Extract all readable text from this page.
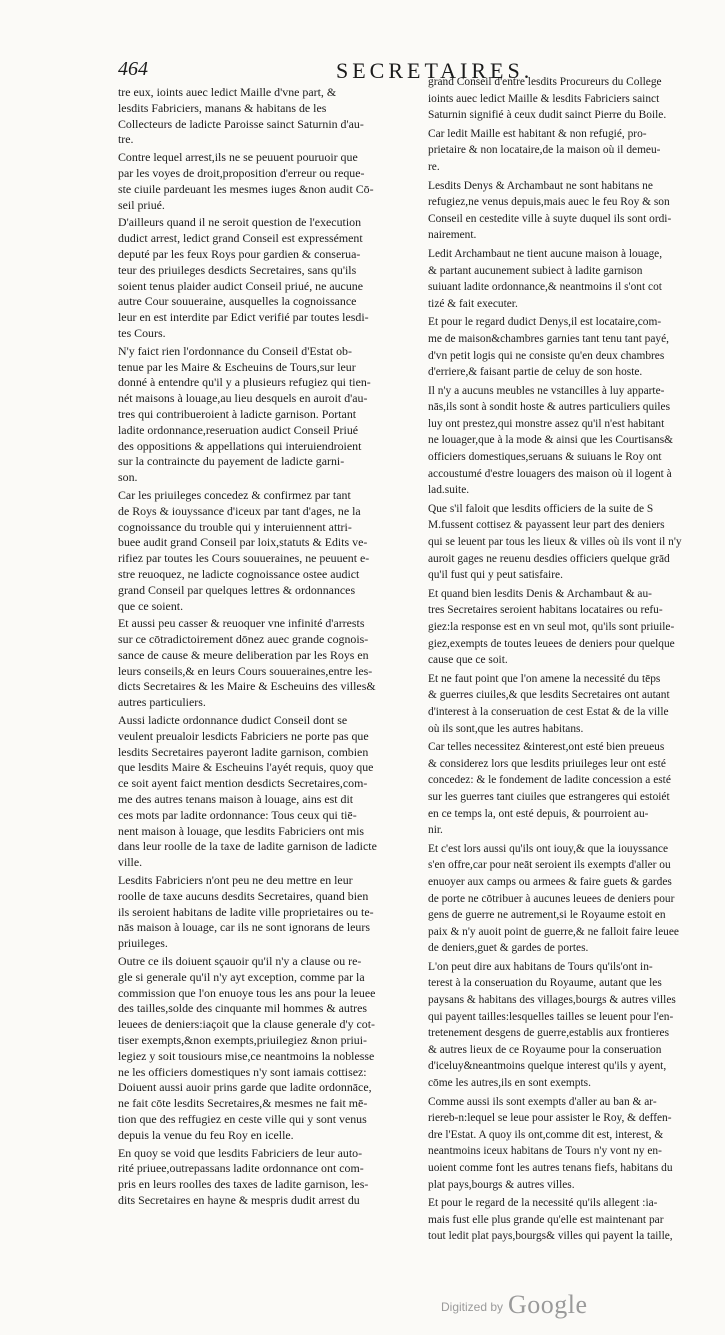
464	SECRETAIRES.
tre eux, ioints auec ledict Maille d'vne part, &
lesdits Fabriciers, manans & habitans de les
Collecteurs de ladicte Paroisse sainct Saturnin d'au-
tre.
Contre lequel arrest,ils ne se peuuent pouruoir que
par les voyes de droit,proposition d'erreur ou reque-
ste ciuile pardeuant les mesmes iuges &non audit Cō-
seil priué.
D'ailleurs quand il ne seroit question de l'execution
dudict arrest, ledict grand Conseil est expressément
deputé par les feux Roys pour gardien & conserua-
teur des priuileges desdicts Secretaires, sans qu'ils
soient tenus plaider audict Conseil priué, ne aucune
autre Cour souueraine, ausquelles la cognoissance
leur en est interdite par Edict verifié par toutes lesdi-
tes Cours.
N'y faict rien l'ordonnance du Conseil d'Estat ob-
tenue par les Maire & Escheuins de Tours,sur leur
donné à entendre qu'il y a plusieurs refugiez qui tien-
nét maisons à louage,au lieu desquels en auroit d'au-
tres qui contribueroient à ladicte garnison. Portant
ladite ordonnance,reseruation audict Conseil Priué
des oppositions & appellations qui interuiendroient
sur la contraincte du payement de ladicte garni-
son.
Car les priuileges concedez & confirmez par tant
de Roys & iouyssance d'iceux par tant d'ages, ne la
cognoissance du trouble qui y interuiennent attri-
buee audit grand Conseil par loix,statuts & Edits ve-
rifiez par toutes les Cours souueraines, ne peuuent e-
stre reuoquez, ne ladicte cognoissance ostee audict
grand Conseil par quelques lettres & ordonnances
que ce soient.
Et aussi peu casser & reuoquer vne infinité d'arrests
sur ce cōtradictoirement dōnez auec grande cognois-
sance de cause & meure deliberation par les Roys en
leurs conseils,& en leurs Cours souueraines,entre les-
dicts Secretaires & les Maire & Escheuins des villes&
autres particuliers.
Aussi ladicte ordonnance dudict Conseil dont se
veulent preualoir lesdicts Fabriciers ne porte pas que
lesdits Secretaires payeront ladite garnison, combien
que lesdits Maire & Escheuins l'ayét requis, quoy que
ce soit ayent faict mention desdicts Secretaires,com-
me des autres tenans maison à louage, ains est dit
ces mots par ladite ordonnance: Tous ceux qui tiē-
nent maison à louage, que lesdits Fabriciers ont mis
dans leur roolle de la taxe de ladite garnison de ladicte
ville.
Lesdits Fabriciers n'ont peu ne deu mettre en leur
roolle de taxe aucuns desdits Secretaires, quand bien
ils seroient habitans de ladite ville proprietaires ou te-
nās maison à louage, car ils ne sont ignorans de leurs
priuileges.
Outre ce ils doiuent sçauoir qu'il n'y a clause ou re-
gle si generale qu'il n'y ayt exception, comme par la
commission que l'on enuoye tous les ans pour la leuee
des tailles,solde des cinquante mil hommes & autres
leuees de deniers:iaçoit que la clause generale d'y cot-
tiser exempts,&non exempts,priuilegiez &non priui-
legiez y soit tousiours mise,ce neantmoins la noblesse
ne les officiers domestiques n'y sont iamais cottisez:
Doiuent aussi auoir prins garde que ladite ordonnāce,
ne fait cōte lesdits Secretaires,& mesmes ne fait mē-
tion que des reffugiez en ceste ville qui y sont venus
depuis la venue du feu Roy en icelle.
En quoy se void que lesdits Fabriciers de leur auto-
rité priuee,outrepassans ladite ordonnance ont com-
pris en leurs roolles des taxes de ladite garnison, les-
dits Secretaires en hayne & mespris dudit arrest du
grand Conseil d'entre lesdits Procureurs du College
ioints auec ledict Maille & lesdits Fabriciers sainct
Saturnin signifié à ceux dudit sainct Pierre du Boile.
Car ledit Maille est habitant & non refugié, pro-
prietaire & non locataire,de la maison où il demeu-
re.
Lesdits Denys & Archambaut ne sont habitans ne
refugiez,ne venus depuis,mais auec le feu Roy & son
Conseil en cestedite ville à suyte duquel ils sont ordi-
nairement.
Ledit Archambaut ne tient aucune maison à louage,
& partant aucunement subiect à ladite garnison
suiuant ladite ordonnance,& neantmoins il s'ont cot
tizé & fait executer.
Et pour le regard dudict Denys,il est locataire,com-
me de maison&chambres garnies tant tenu tant payé,
d'vn petit logis qui ne consiste qu'en deux chambres
d'erriere,& faisant partie de celuy de son hoste.
Il n'y a aucuns meubles ne vstancilles à luy apparte-
nās,ils sont à sondit hoste & autres particuliers quiles
luy ont prestez,qui monstre assez qu'il n'est habitant
ne louager,que à la mode & ainsi que les Courtisans&
officiers domestiques,seruans & suiuans le Roy ont
accoustumé d'estre louagers des maison où il logent à
lad.suite.
Que s'il faloit que lesdits officiers de la suite de S
M.fussent cottisez & payassent leur part des deniers
qui se leuent par tous les lieux & villes où ils vont il n'y
auroit gages ne reuenu desdies officiers quelque grād
qu'il fust qui y peut satisfaire.
Et quand bien lesdits Denis & Archambaut & au-
tres Secretaires seroient habitans locataires ou refu-
giez:la response est en vn seul mot, qu'ils sont priuile-
giez,exempts de toutes leuees de deniers pour quelque
cause que ce soit.
Et ne faut point que l'on amene la necessité du tēps
& guerres ciuiles,& que lesdits Secretaires ont autant
d'interest à la conseruation de cest Estat & de la ville
où ils sont,que les autres habitans.
Car telles necessitez &interest,ont esté bien preueus
& considerez lors que lesdits priuileges leur ont esté
concedez: & le fondement de ladite concession a esté
sur les guerres tant ciuiles que estrangeres qui estoiét
en ce temps la, ont esté depuis, & pourroient au-
nir.
Et c'est lors aussi qu'ils ont iouy,& que la iouyssance
s'en offre,car pour neāt seroient ils exempts d'aller ou
enuoyer aux camps ou armees & faire guets & gardes
de porte ne cōtribuer à aucunes leuees de deniers pour
gens de guerre ne autrement,si le Royaume estoit en
paix & n'y auoit point de guerre,& ne falloit faire leuee
de deniers,guet & gardes de portes.
L'on peut dire aux habitans de Tours qu'ils'ont in-
terest à la conseruation du Royaume, autant que les
paysans & habitans des villages,bourgs & autres villes
qui payent tailles:lesquelles tailles se leuent pour l'en-
tretenement desgens de guerre,establis aux frontieres
& autres lieux de ce Royaume pour la conseruation
d'iceluy&neantmoins quelque interest qu'ils y ayent,
cōme les autres,ils en sont exempts.
Comme aussi ils sont exempts d'aller au ban & ar-
riereb-n:lequel se leue pour assister le Roy, & deffen-
dre l'Estat. A quoy ils ont,comme dit est, interest, &
neantmoins iceux habitans de Tours n'y vont ny en-
uoient comme font les autres tenans fiefs, habitans du
plat pays,bourgs & autres villes.
Et pour le regard de la necessité qu'ils allegent :ia-
mais fust elle plus grande qu'elle est maintenant par
tout ledit plat pays,bourgs& villes qui payent la taille,
Digitized by Google
